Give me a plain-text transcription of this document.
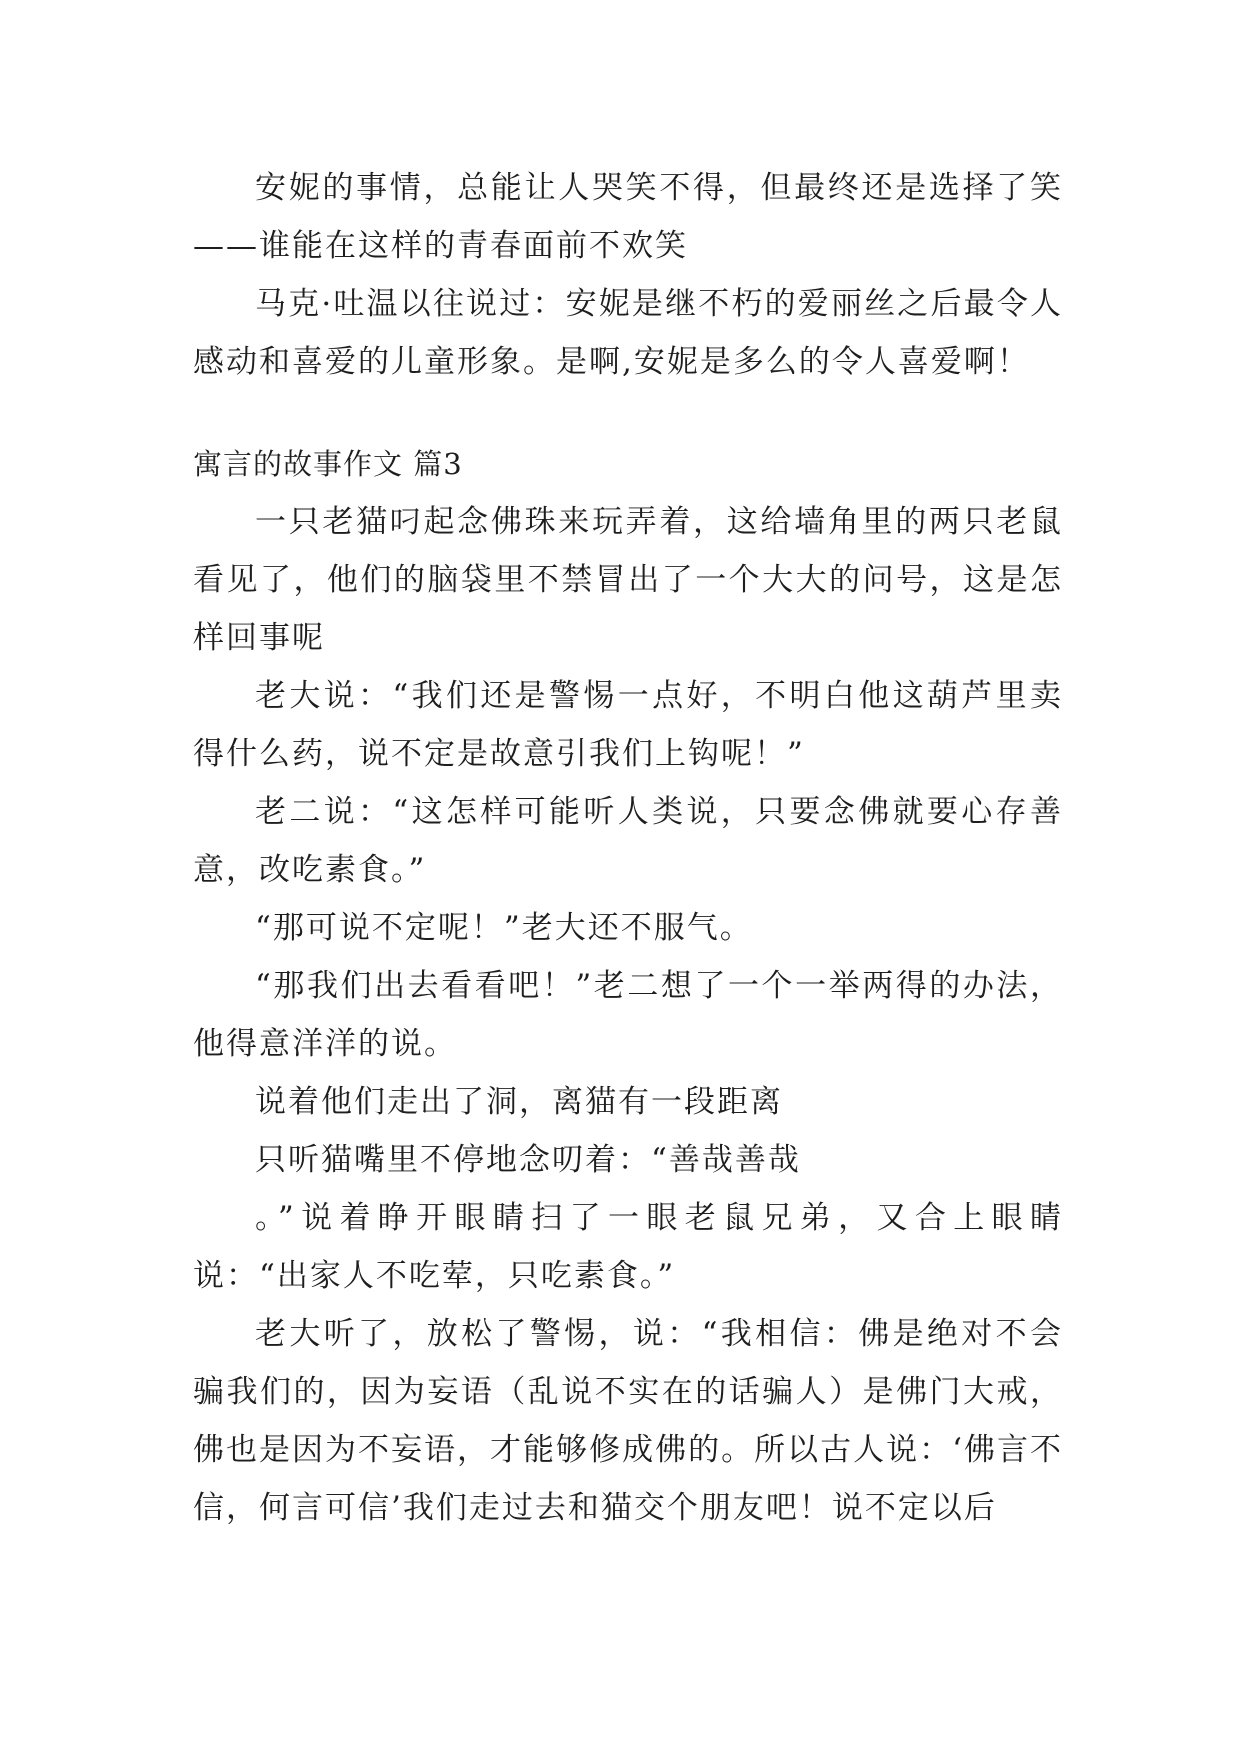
安妮的事情，总能让人哭笑不得，但最终还是选择了笑——谁能在这样的青春面前不欢笑

马克·吐温以往说过：安妮是继不朽的爱丽丝之后最令人感动和喜爱的儿童形象。是啊,安妮是多么的令人喜爱啊！

寓言的故事作文 篇3

一只老猫叼起念佛珠来玩弄着，这给墙角里的两只老鼠看见了，他们的脑袋里不禁冒出了一个大大的问号，这是怎样回事呢

老大说：“我们还是警惕一点好，不明白他这葫芦里卖得什么药，说不定是故意引我们上钩呢！”

老二说：“这怎样可能听人类说，只要念佛就要心存善意，改吃素食。”

“那可说不定呢！”老大还不服气。

“那我们出去看看吧！”老二想了一个一举两得的办法，他得意洋洋的说。

说着他们走出了洞，离猫有一段距离

只听猫嘴里不停地念叨着：“善哉善哉

。”说着睁开眼睛扫了一眼老鼠兄弟，又合上眼睛说：“出家人不吃荤，只吃素食。”

老大听了，放松了警惕，说：“我相信：佛是绝对不会骗我们的，因为妄语（乱说不实在的话骗人）是佛门大戒，佛也是因为不妄语，才能够修成佛的。所以古人说：‘佛言不信，何言可信’我们走过去和猫交个朋友吧！说不定以后
